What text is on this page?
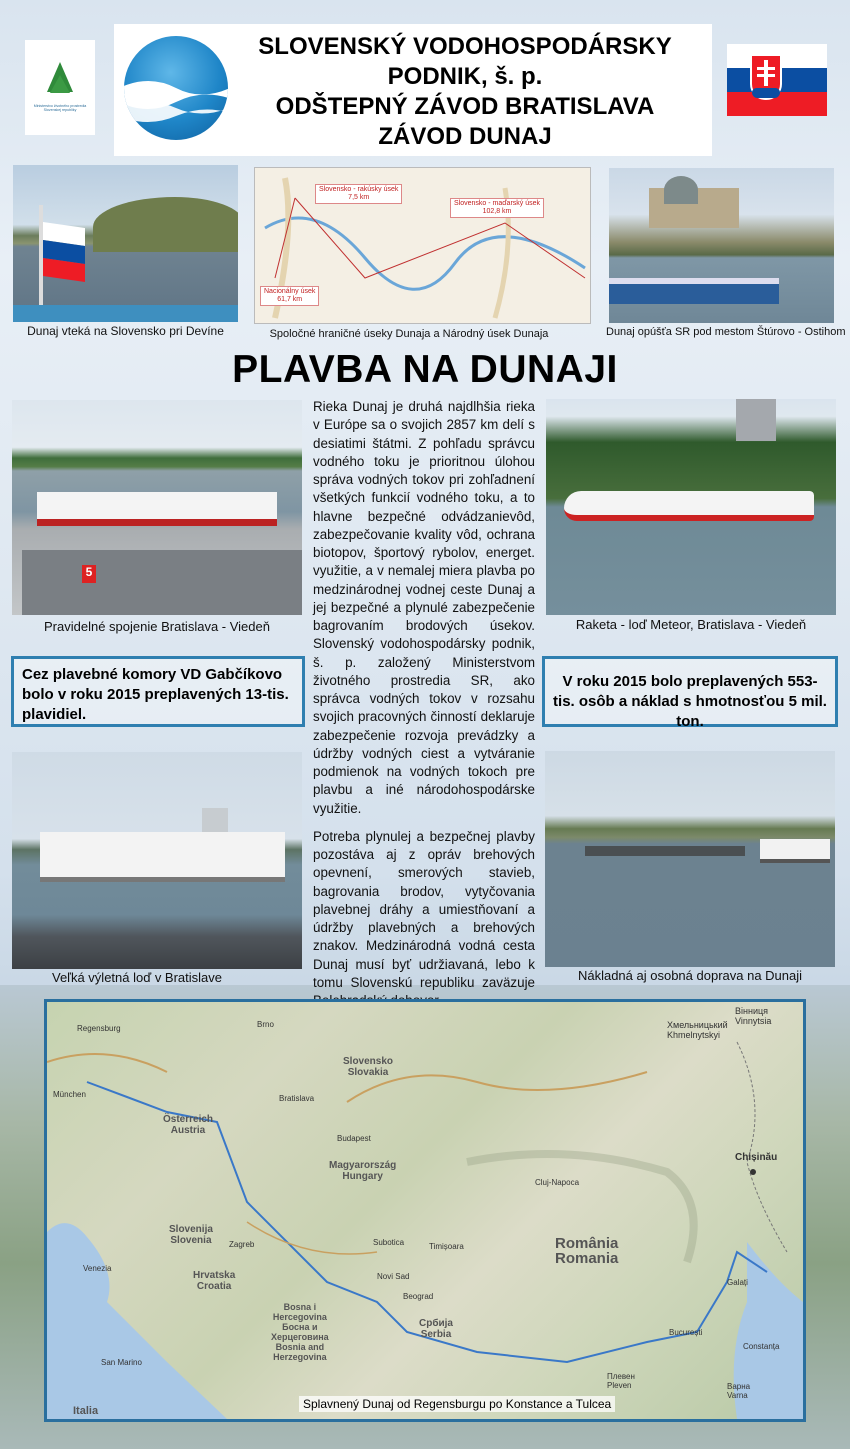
Ministerstvo životného prostredia Slovenskej republiky
SLOVENSKÝ VODOHOSPODÁRSKY
PODNIK, š. p.
ODŠTEPNÝ ZÁVOD BRATISLAVA
ZÁVOD DUNAJ
Dunaj vteká na Slovensko pri Devíne
Slovensko - rakúsky úsek
7,5 km
Slovensko - maďarský úsek
102,8 km
Nacionálny úsek
61,7 km
Spoločné hraničné úseky Dunaja a Národný úsek Dunaja	Dunaj opúšťa SR pod mestom Štúrovo - Ostihom
PLAVBA NA DUNAJI
5
Pravidelné spojenie Bratislava - Viedeň	Raketa - loď Meteor, Bratislava - Viedeň

Rieka Dunaj je druhá najdlhšia rieka v Európe sa o svojich 2857 km delí s desiatimi štátmi. Z pohľadu správcu vodného toku je prioritnou úlohou správa vodných tokov pri zohľadnení všetkých funkcií vodného toku, a to hlavne bezpečné odvádzanievôd, zabezpečovanie kvality vôd, ochrana biotopov, športový rybolov, energet. využitie, a v nemalej miera plavba po medzinárodnej vodnej ceste Dunaj a jej bezpečné a plynulé zabezpečenie bagrovaním brodových úsekov. Slovenský vodohospodársky podnik, š. p. založený Ministerstvom životného prostredia SR, ako správca vodných tokov v rozsahu svojich pracovných činností deklaruje zabezpečenie rozvoja prevádzky a údržby vodných ciest a vytváranie podmienok na vodných tokoch pre plavbu a iné národohospodárske využitie.

Potreba plynulej a bezpečnej plavby pozostáva aj z opráv brehových opevnení, smerových stavieb, bagrovania brodov, vytyčovania plavebnej dráhy a umiestňovaní a údržby plavebných a brehových znakov. Medzinárodná vodná cesta Dunaj musí byť udržiavaná, lebo k tomu Slovenskú republiku zaväzuje

Cez plavebné komory VD Gabčíkovo bolo v roku 2015 preplavených 13-tis. plavidiel.
V roku 2015 bolo preplavených 553-tis. osôb a náklad s hmotnosťou 5 mil. ton.
Veľká výletná loď v Bratislave	Nákladná aj osobná doprava na Dunaji
Regensburg
München
Brno
Bratislava
Slovensko
Slovakia
Österreich
Austria
Magyarország
Hungary
Slovenija
Slovenia
Hrvatska
Croatia
Bosna i
Hercegovina
Босна и
Херцеговина
Bosnia and
Herzegovina
Србија
Serbia
România
Romania
Chișinău
Хмельницький
Khmelnytskyi
Вінниця
Vinnytsia
Budapest
Zagreb
Venezia
San Marino
Italia
Cluj-Napoca
București
Варна
Varna
Timișoara
Novi Sad
Beograd
Subotica
Constanța
Galați
Плевен
Pleven
Splavnený Dunaj od Regensburgu po Konstance a Tulcea
